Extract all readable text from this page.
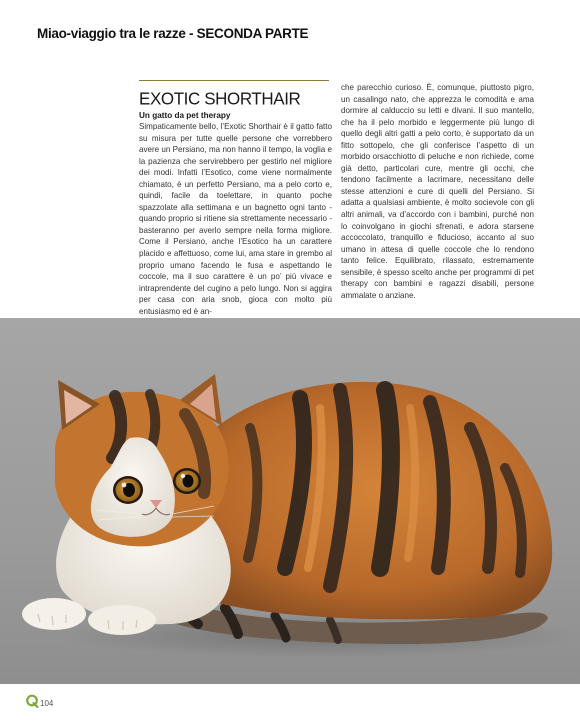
Miao-viaggio tra le razze - SECONDA PARTE
EXOTIC SHORTHAIR
Un gatto da pet therapy

Simpaticamente bello, l’Exotic Shorthair è il gatto fatto su misura per tutte quelle persone che vorrebbero avere un Persiano, ma non hanno il tempo, la voglia e la pazienza che servirebbero per gestirlo nel migliore dei modi. Infatti l’Esotico, come viene normalmente chiamato, è un perfetto Persiano, ma a pelo corto e, quindi, facile da toelettare, in quanto poche spazzolate alla settimana e un bagnetto ogni tanto - quando proprio si ritiene sia strettamente necessario - basteranno per averlo sempre nella forma migliore. Come il Persiano, anche l’Esotico ha un carattere placido e affettuoso, come lui, ama stare in grembo al proprio umano facendo le fusa e aspettando le coccole, ma il suo carattere è un po’ più vivace e intraprendente del cugino a pelo lungo. Non si aggira per casa con aria snob, gioca con molto più entusiasmo ed è an-

che parecchio curioso. È, comunque, piuttosto pigro, un casalingo nato, che apprezza le comodità e ama dormire al calduccio su letti e divani. Il suo mantello, che ha il pelo morbido e leggermente più lungo di quello degli altri gatti a pelo corto, è supportato da un fitto sottopelo, che gli conferisce l’aspetto di un morbido orsacchiotto di peluche e non richiede, come già detto, particolari cure, mentre gli occhi, che tendono facilmente a lacrimare, necessitano delle stesse attenzioni e cure di quelli del Persiano. Si adatta a qualsiasi ambiente, è molto socievole con gli altri animali, va d’accordo con i bambini, purché non lo coinvolgano in giochi sfrenati, e adora starsene accoccolato, tranquillo e fiducioso, accanto al suo umano in attesa di quelle coccole che lo rendono tanto felice. Equilibrato, rilassato, estremamente sensibile, è spesso scelto anche per programmi di pet therapy con bambini e ragazzi disabili, persone ammalate o anziane.

104
